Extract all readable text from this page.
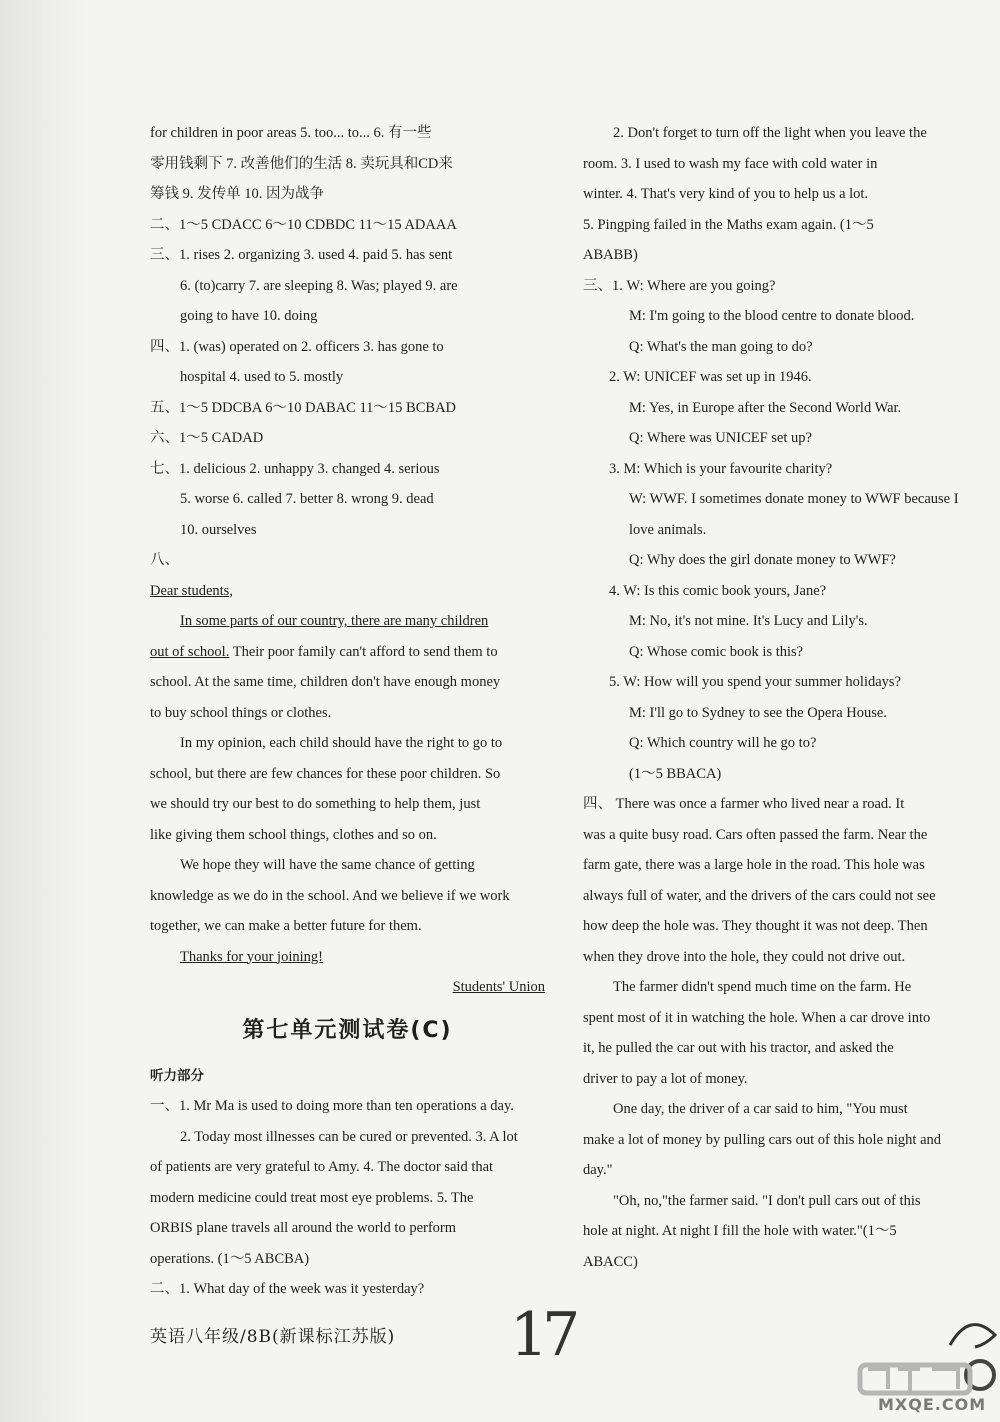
for children in poor areas 5. too... to... 6. 有一些
零用钱剩下 7. 改善他们的生活 8. 卖玩具和CD来
筹钱 9. 发传单 10. 因为战争
二、1～5 CDACC 6～10 CDBDC 11～15 ADAAA
三、1. rises 2. organizing 3. used 4. paid 5. has sent
6. (to)carry 7. are sleeping 8. Was; played 9. are
going to have 10. doing
四、1. (was) operated on 2. officers 3. has gone to
hospital 4. used to 5. mostly
五、1～5 DDCBA 6～10 DABAC 11～15 BCBAD
六、1～5 CADAD
七、1. delicious 2. unhappy 3. changed 4. serious
5. worse 6. called 7. better 8. wrong 9. dead
10. ourselves
八、
Dear students,
In some parts of our country, there are many children
out of school. Their poor family can't afford to send them to
school. At the same time, children don't have enough money
to buy school things or clothes.
In my opinion, each child should have the right to go to
school, but there are few chances for these poor children. So
we should try our best to do something to help them, just
like giving them school things, clothes and so on.
We hope they will have the same chance of getting
knowledge as we do in the school. And we believe if we work
together, we can make a better future for them.
Thanks for your joining!
Students' Union
第七单元测试卷(C)
听力部分
一、1. Mr Ma is used to doing more than ten operations a day.
2. Today most illnesses can be cured or prevented. 3. A lot
of patients are very grateful to Amy. 4. The doctor said that
modern medicine could treat most eye problems. 5. The
ORBIS plane travels all around the world to perform
operations. (1～5 ABCBA)
二、1. What day of the week was it yesterday?
2. Don't forget to turn off the light when you leave the
room. 3. I used to wash my face with cold water in
winter. 4. That's very kind of you to help us a lot.
5. Pingping failed in the Maths exam again. (1～5
ABABB)
三、1. W: Where are you going?
M: I'm going to the blood centre to donate blood.
Q: What's the man going to do?
2. W: UNICEF was set up in 1946.
M: Yes, in Europe after the Second World War.
Q: Where was UNICEF set up?
3. M: Which is your favourite charity?
W: WWF. I sometimes donate money to WWF because I
love animals.
Q: Why does the girl donate money to WWF?
4. W: Is this comic book yours, Jane?
M: No, it's not mine. It's Lucy and Lily's.
Q: Whose comic book is this?
5. W: How will you spend your summer holidays?
M: I'll go to Sydney to see the Opera House.
Q: Which country will he go to?
(1～5 BBACA)
四、 There was once a farmer who lived near a road. It
was a quite busy road. Cars often passed the farm. Near the
farm gate, there was a large hole in the road. This hole was
always full of water, and the drivers of the cars could not see
how deep the hole was. They thought it was not deep. Then
when they drove into the hole, they could not drive out.
The farmer didn't spend much time on the farm. He
spent most of it in watching the hole. When a car drove into
it, he pulled the car out with his tractor, and asked the
driver to pay a lot of money.
One day, the driver of a car said to him, "You must
make a lot of money by pulling cars out of this hole night and
day."
"Oh, no,"the farmer said. "I don't pull cars out of this
hole at night. At night I fill the hole with water."(1～5
ABACC)
英语八年级/8B(新课标江苏版) 17
MXQE.COM
